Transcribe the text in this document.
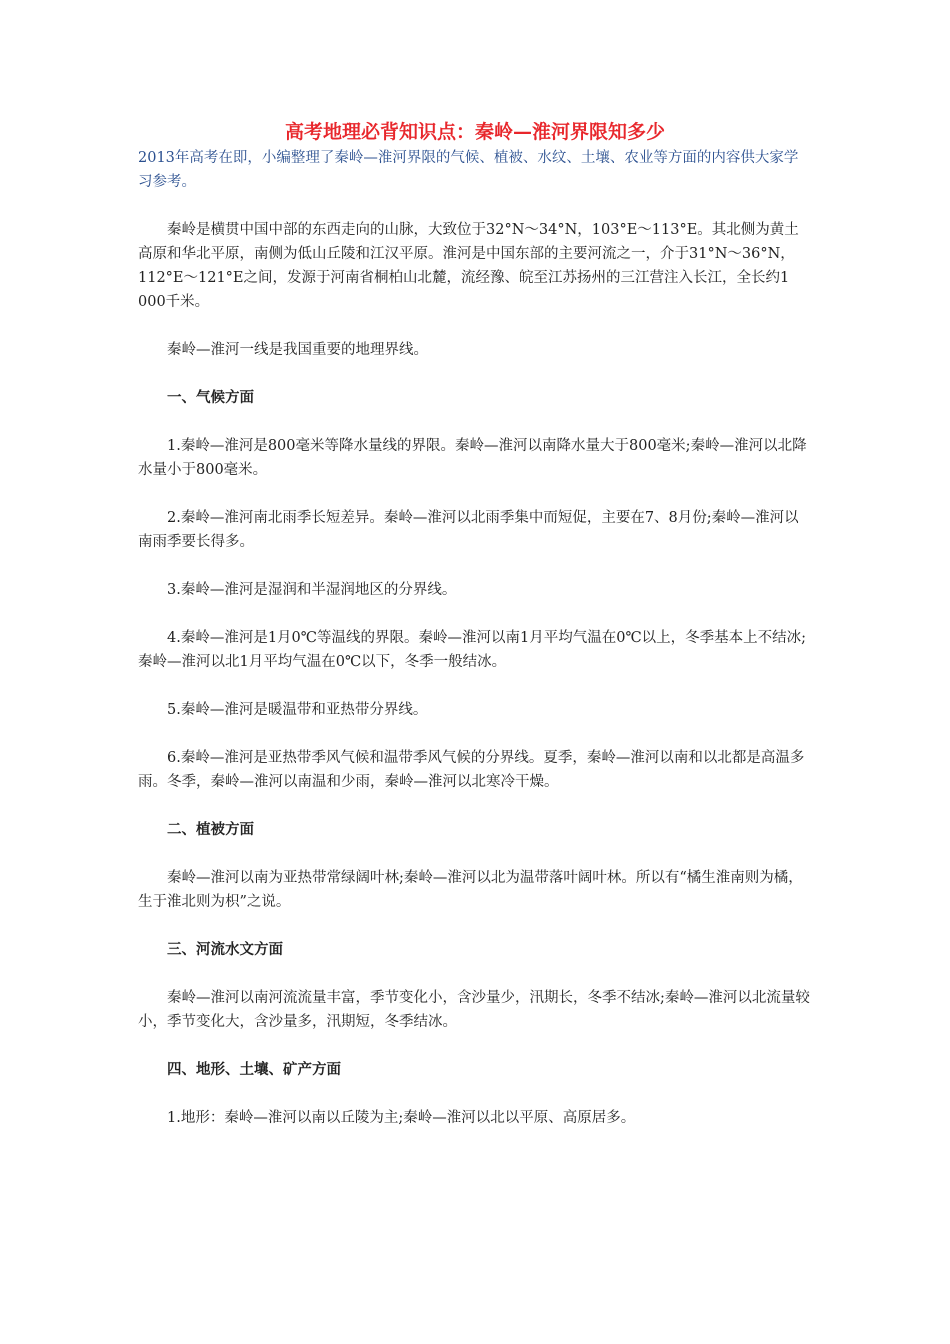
高考地理必背知识点：秦岭—淮河界限知多少

2013年高考在即，小编整理了秦岭—淮河界限的气候、植被、水纹、土壤、农业等方面的内容供大家学习参考。

秦岭是横贯中国中部的东西走向的山脉，大致位于32°N～34°N，103°E～113°E。其北侧为黄土高原和华北平原，南侧为低山丘陵和江汉平原。淮河是中国东部的主要河流之一，介于31°N～36°N，112°E～121°E之间，发源于河南省桐柏山北麓，流经豫、皖至江苏扬州的三江营注入长江，全长约1 000千米。

秦岭—淮河一线是我国重要的地理界线。

一、气候方面

1.秦岭—淮河是800毫米等降水量线的界限。秦岭—淮河以南降水量大于800毫米;秦岭—淮河以北降水量小于800毫米。

2.秦岭—淮河南北雨季长短差异。秦岭—淮河以北雨季集中而短促，主要在7、8月份;秦岭—淮河以南雨季要长得多。

3.秦岭—淮河是湿润和半湿润地区的分界线。

4.秦岭—淮河是1月0℃等温线的界限。秦岭—淮河以南1月平均气温在0℃以上，冬季基本上不结冰;秦岭—淮河以北1月平均气温在0℃以下，冬季一般结冰。

5.秦岭—淮河是暖温带和亚热带分界线。

6.秦岭—淮河是亚热带季风气候和温带季风气候的分界线。夏季，秦岭—淮河以南和以北都是高温多雨。冬季，秦岭—淮河以南温和少雨，秦岭—淮河以北寒冷干燥。

二、植被方面

秦岭—淮河以南为亚热带常绿阔叶林;秦岭—淮河以北为温带落叶阔叶林。所以有“橘生淮南则为橘，生于淮北则为枳”之说。

三、河流水文方面

秦岭—淮河以南河流流量丰富，季节变化小，含沙量少，汛期长，冬季不结冰;秦岭—淮河以北流量较小，季节变化大，含沙量多，汛期短，冬季结冰。

四、地形、土壤、矿产方面

1.地形：秦岭—淮河以南以丘陵为主;秦岭—淮河以北以平原、高原居多。
